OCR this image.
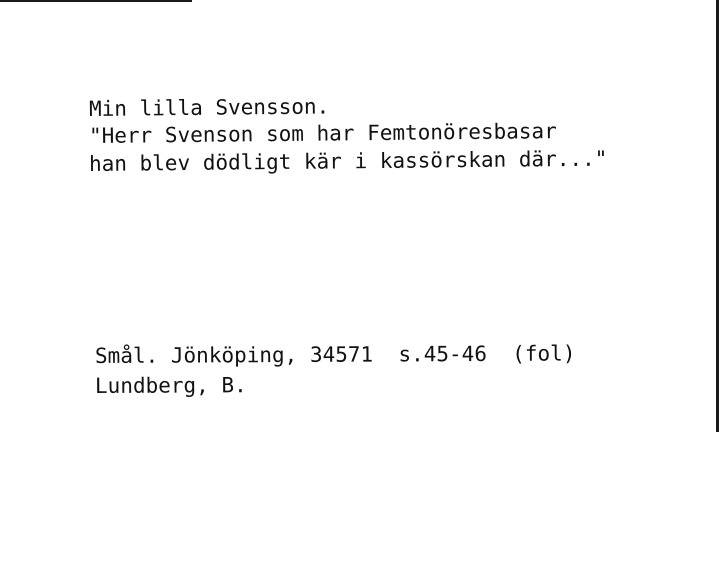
Min lilla Svensson.
"Herr Svenson som har Femtonöresbasar
han blev dödligt kär i kassörskan där..."
Smål. Jönköping, 34571  s.45-46  (fol)
Lundberg, B.
